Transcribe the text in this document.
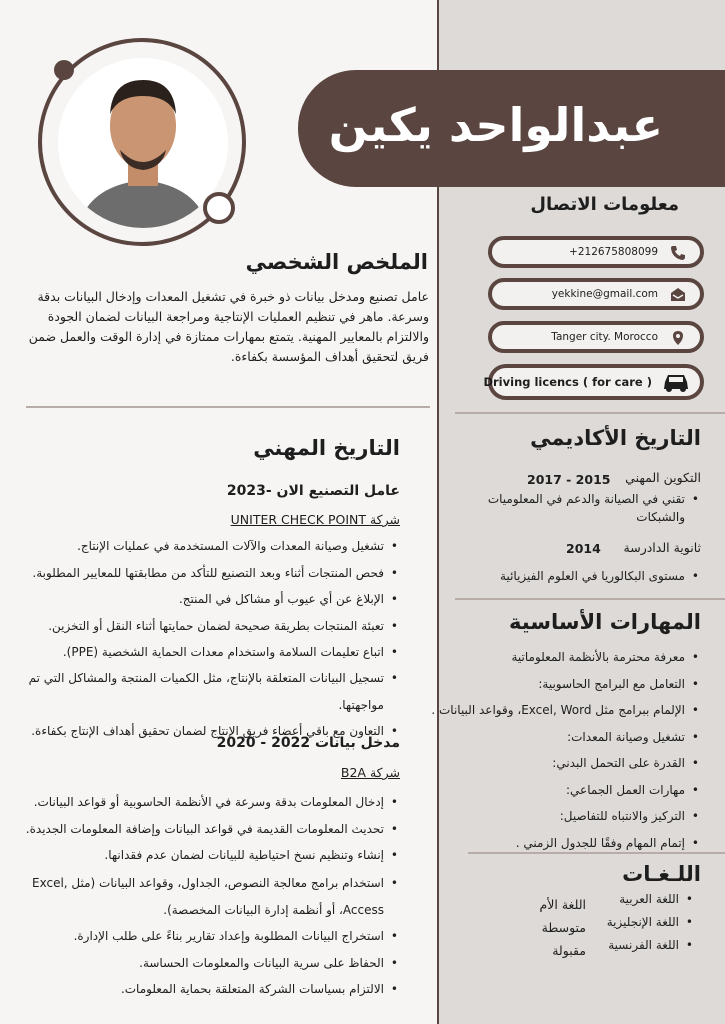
عبدالواحد يكين
معلومات الاتصال
+212675808099
yekkine@gmail.com
Tanger city. Morocco
Driving licencs ( for care )
التاريخ الأكاديمي
التكوين المهني
2017 - 2015
• تقني في الصيانة والدعم في المعلوميات والشبكات
ثانوية الدادرسة
2014
• مستوى البكالوريا في العلوم الفيزيائية
المهارات الأساسية
• معرفة محترمة بالأنظمة المعلوماتية
• التعامل مع البرامج الحاسوبية:
• الإلمام ببرامج مثل Excel, Word، وقواعد البيانات .
• تشغيل وصيانة المعدات:
• القدرة على التحمل البدني:
• مهارات العمل الجماعي:
• التركيز والانتباه للتفاصيل:
• إتمام المهام وفقًا للجدول الزمني .
اللـغـات
• اللغة العربية
• اللغة الإنجليزية
• اللغة الفرنسية
اللغة الأم
متوسطة
مقبولة
الملخص الشخصي
عامل تصنيع ومدخل بيانات ذو خبرة في تشغيل المعدات وإدخال البيانات بدقة وسرعة. ماهر في تنظيم العمليات الإنتاجية ومراجعة البيانات لضمان الجودة والالتزام بالمعايير المهنية. يتمتع بمهارات ممتازة في إدارة الوقت والعمل ضمن فريق لتحقيق أهداف المؤسسة بكفاءة.
التاريخ المهني
عامل التصنيع الان -2023
شركة UNITER CHECK POINT
• تشغيل وصيانة المعدات والآلات المستخدمة في عمليات الإنتاج.
• فحص المنتجات أثناء وبعد التصنيع للتأكد من مطابقتها للمعايير المطلوبة.
• الإبلاغ عن أي عيوب أو مشاكل في المنتج.
• تعبئة المنتجات بطريقة صحيحة لضمان حمايتها أثناء النقل أو التخزين.
• اتباع تعليمات السلامة واستخدام معدات الحماية الشخصية (PPE).
• تسجيل البيانات المتعلقة بالإنتاج، مثل الكميات المنتجة والمشاكل التي تم مواجهتها.
• التعاون مع باقي أعضاء فريق الإنتاج لضمان تحقيق أهداف الإنتاج بكفاءة.
مدخل بيانات 2022 - 2020
شركة B2A
• إدخال المعلومات بدقة وسرعة في الأنظمة الحاسوبية أو قواعد البيانات.
• تحديث المعلومات القديمة في قواعد البيانات وإضافة المعلومات الجديدة.
• إنشاء وتنظيم نسخ احتياطية للبيانات لضمان عدم فقدانها.
• استخدام برامج معالجة النصوص، الجداول، وقواعد البيانات (مثل Excel, Access، أو أنظمة إدارة البيانات المخصصة).
• استخراج البيانات المطلوبة وإعداد تقارير بناءً على طلب الإدارة.
• الحفاظ على سرية البيانات والمعلومات الحساسة.
• الالتزام بسياسات الشركة المتعلقة بحماية المعلومات.
